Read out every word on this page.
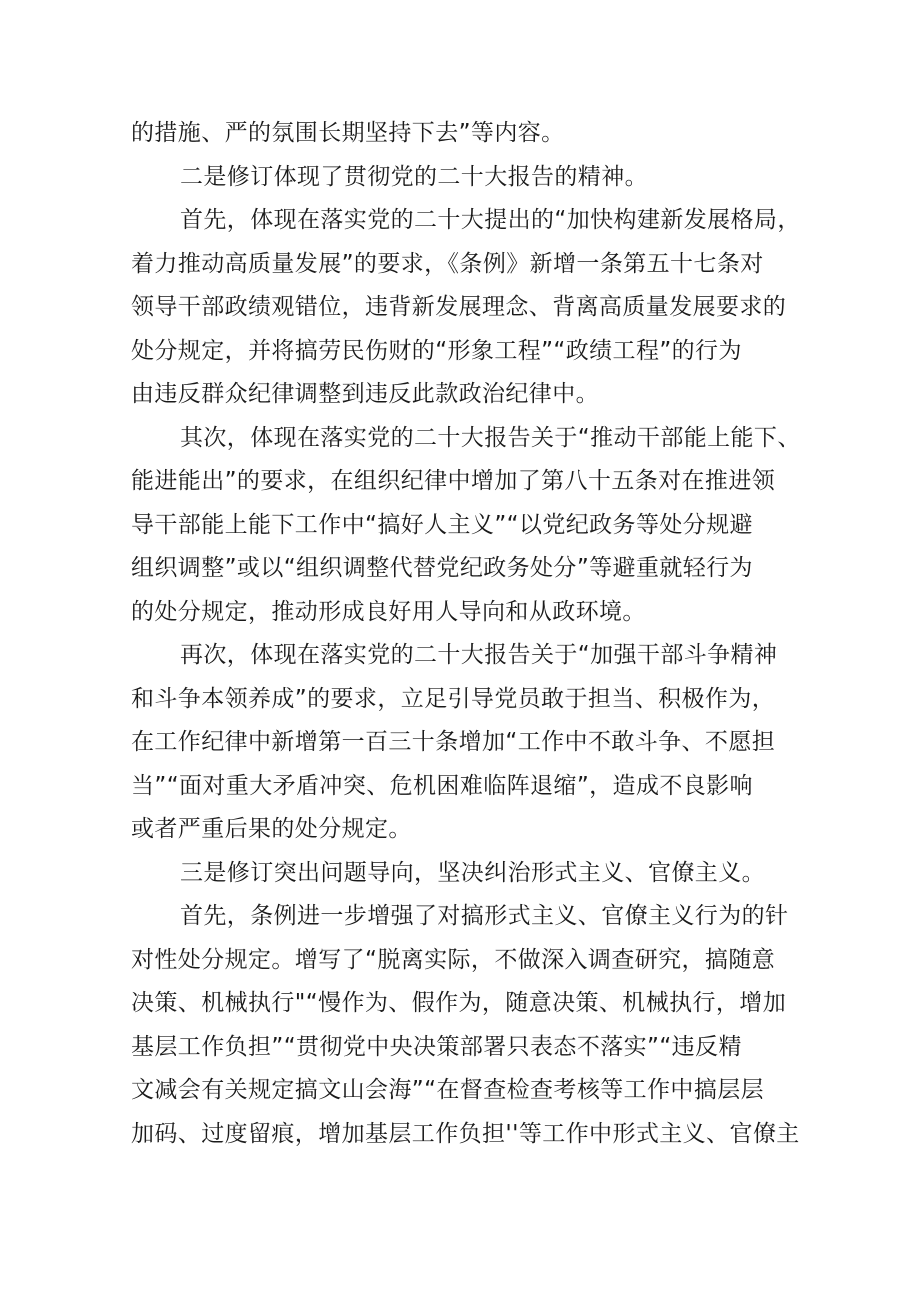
的措施、严的氛围长期坚持下去”等内容。
二是修订体现了贯彻党的二十大报告的精神。
首先，体现在落实党的二十大提出的“加快构建新发展格局，
着力推动高质量发展”的要求，《条例》新增一条第五十七条对
领导干部政绩观错位，违背新发展理念、背离高质量发展要求的
处分规定，并将搞劳民伤财的“形象工程”“政绩工程”的行为
由违反群众纪律调整到违反此款政治纪律中。
其次，体现在落实党的二十大报告关于“推动干部能上能下、
能进能出”的要求，在组织纪律中增加了第八十五条对在推进领
导干部能上能下工作中“搞好人主义”“以党纪政务等处分规避
组织调整”或以“组织调整代替党纪政务处分”等避重就轻行为
的处分规定，推动形成良好用人导向和从政环境。
再次，体现在落实党的二十大报告关于“加强干部斗争精神
和斗争本领养成”的要求，立足引导党员敢于担当、积极作为，
在工作纪律中新增第一百三十条增加“工作中不敢斗争、不愿担
当”“面对重大矛盾冲突、危机困难临阵退缩”，造成不良影响
或者严重后果的处分规定。
三是修订突出问题导向，坚决纠治形式主义、官僚主义。
首先，条例进一步增强了对搞形式主义、官僚主义行为的针
对性处分规定。增写了“脱离实际，不做深入调查研究，搞随意
决策、机械执行"“慢作为、假作为，随意决策、机械执行，增加
基层工作负担”“贯彻党中央决策部署只表态不落实”“违反精
文减会有关规定搞文山会海”“在督查检查考核等工作中搞层层
加码、过度留痕，增加基层工作负担''等工作中形式主义、官僚主
